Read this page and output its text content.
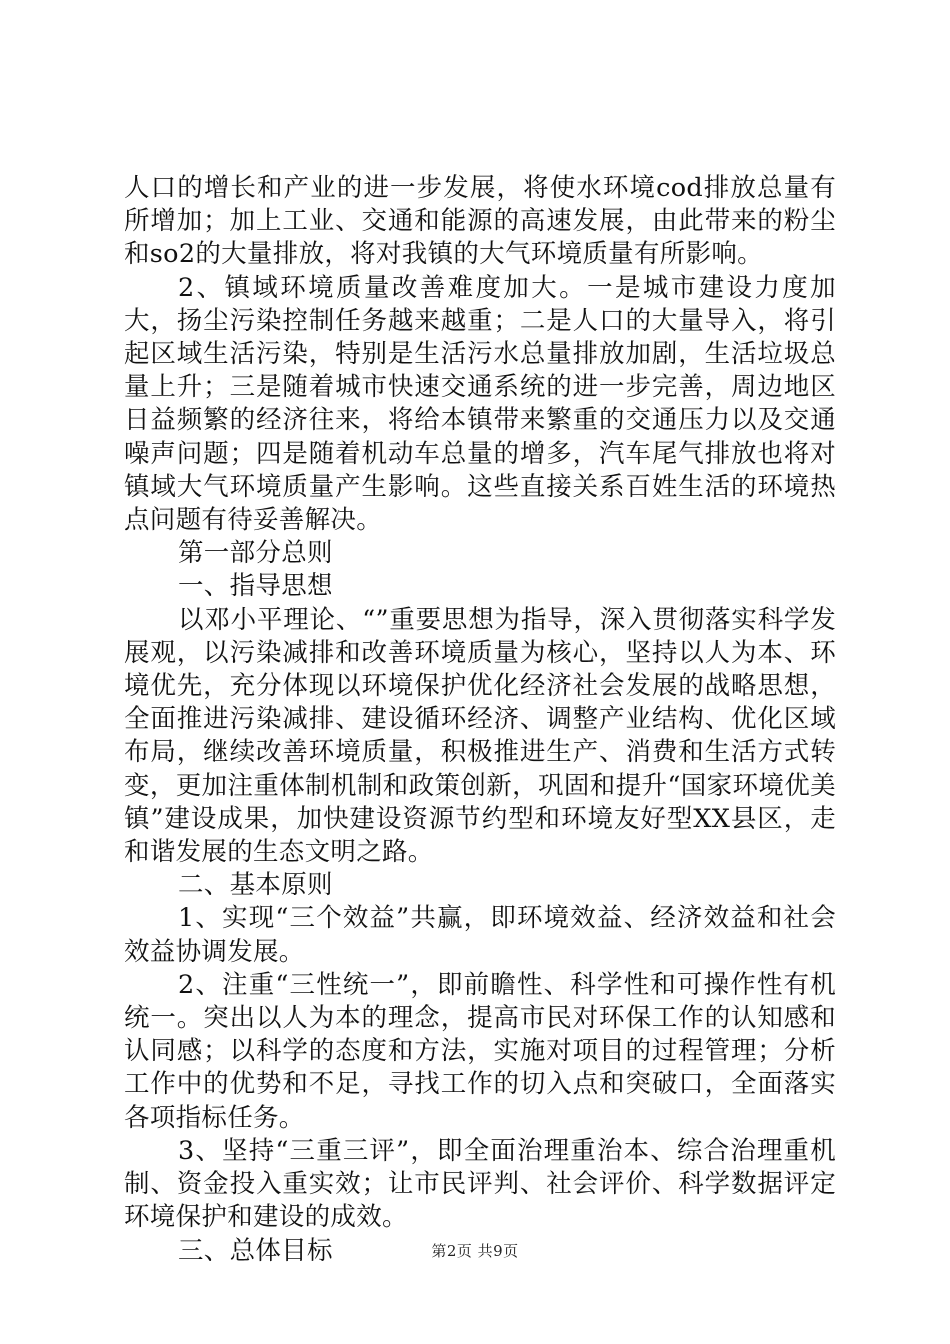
人口的增长和产业的进一步发展，将使水环境cod排放总量有所增加；加上工业、交通和能源的高速发展，由此带来的粉尘和so2的大量排放，将对我镇的大气环境质量有所影响。

2、镇域环境质量改善难度加大。一是城市建设力度加大，扬尘污染控制任务越来越重；二是人口的大量导入，将引起区域生活污染，特别是生活污水总量排放加剧，生活垃圾总量上升；三是随着城市快速交通系统的进一步完善，周边地区日益频繁的经济往来，将给本镇带来繁重的交通压力以及交通噪声问题；四是随着机动车总量的增多，汽车尾气排放也将对镇域大气环境质量产生影响。这些直接关系百姓生活的环境热点问题有待妥善解决。

第一部分总则

一、指导思想

以邓小平理论、“”重要思想为指导，深入贯彻落实科学发展观，以污染减排和改善环境质量为核心，坚持以人为本、环境优先，充分体现以环境保护优化经济社会发展的战略思想，全面推进污染减排、建设循环经济、调整产业结构、优化区域布局，继续改善环境质量，积极推进生产、消费和生活方式转变，更加注重体制机制和政策创新，巩固和提升“国家环境优美镇”建设成果，加快建设资源节约型和环境友好型XX县区，走和谐发展的生态文明之路。

二、基本原则

1、实现“三个效益”共赢，即环境效益、经济效益和社会效益协调发展。

2、注重“三性统一”，即前瞻性、科学性和可操作性有机统一。突出以人为本的理念，提高市民对环保工作的认知感和认同感；以科学的态度和方法，实施对项目的过程管理；分析工作中的优势和不足，寻找工作的切入点和突破口，全面落实各项指标任务。

3、坚持“三重三评”，即全面治理重治本、综合治理重机制、资金投入重实效；让市民评判、社会评价、科学数据评定环境保护和建设的成效。

三、总体目标	第2页 共9页
